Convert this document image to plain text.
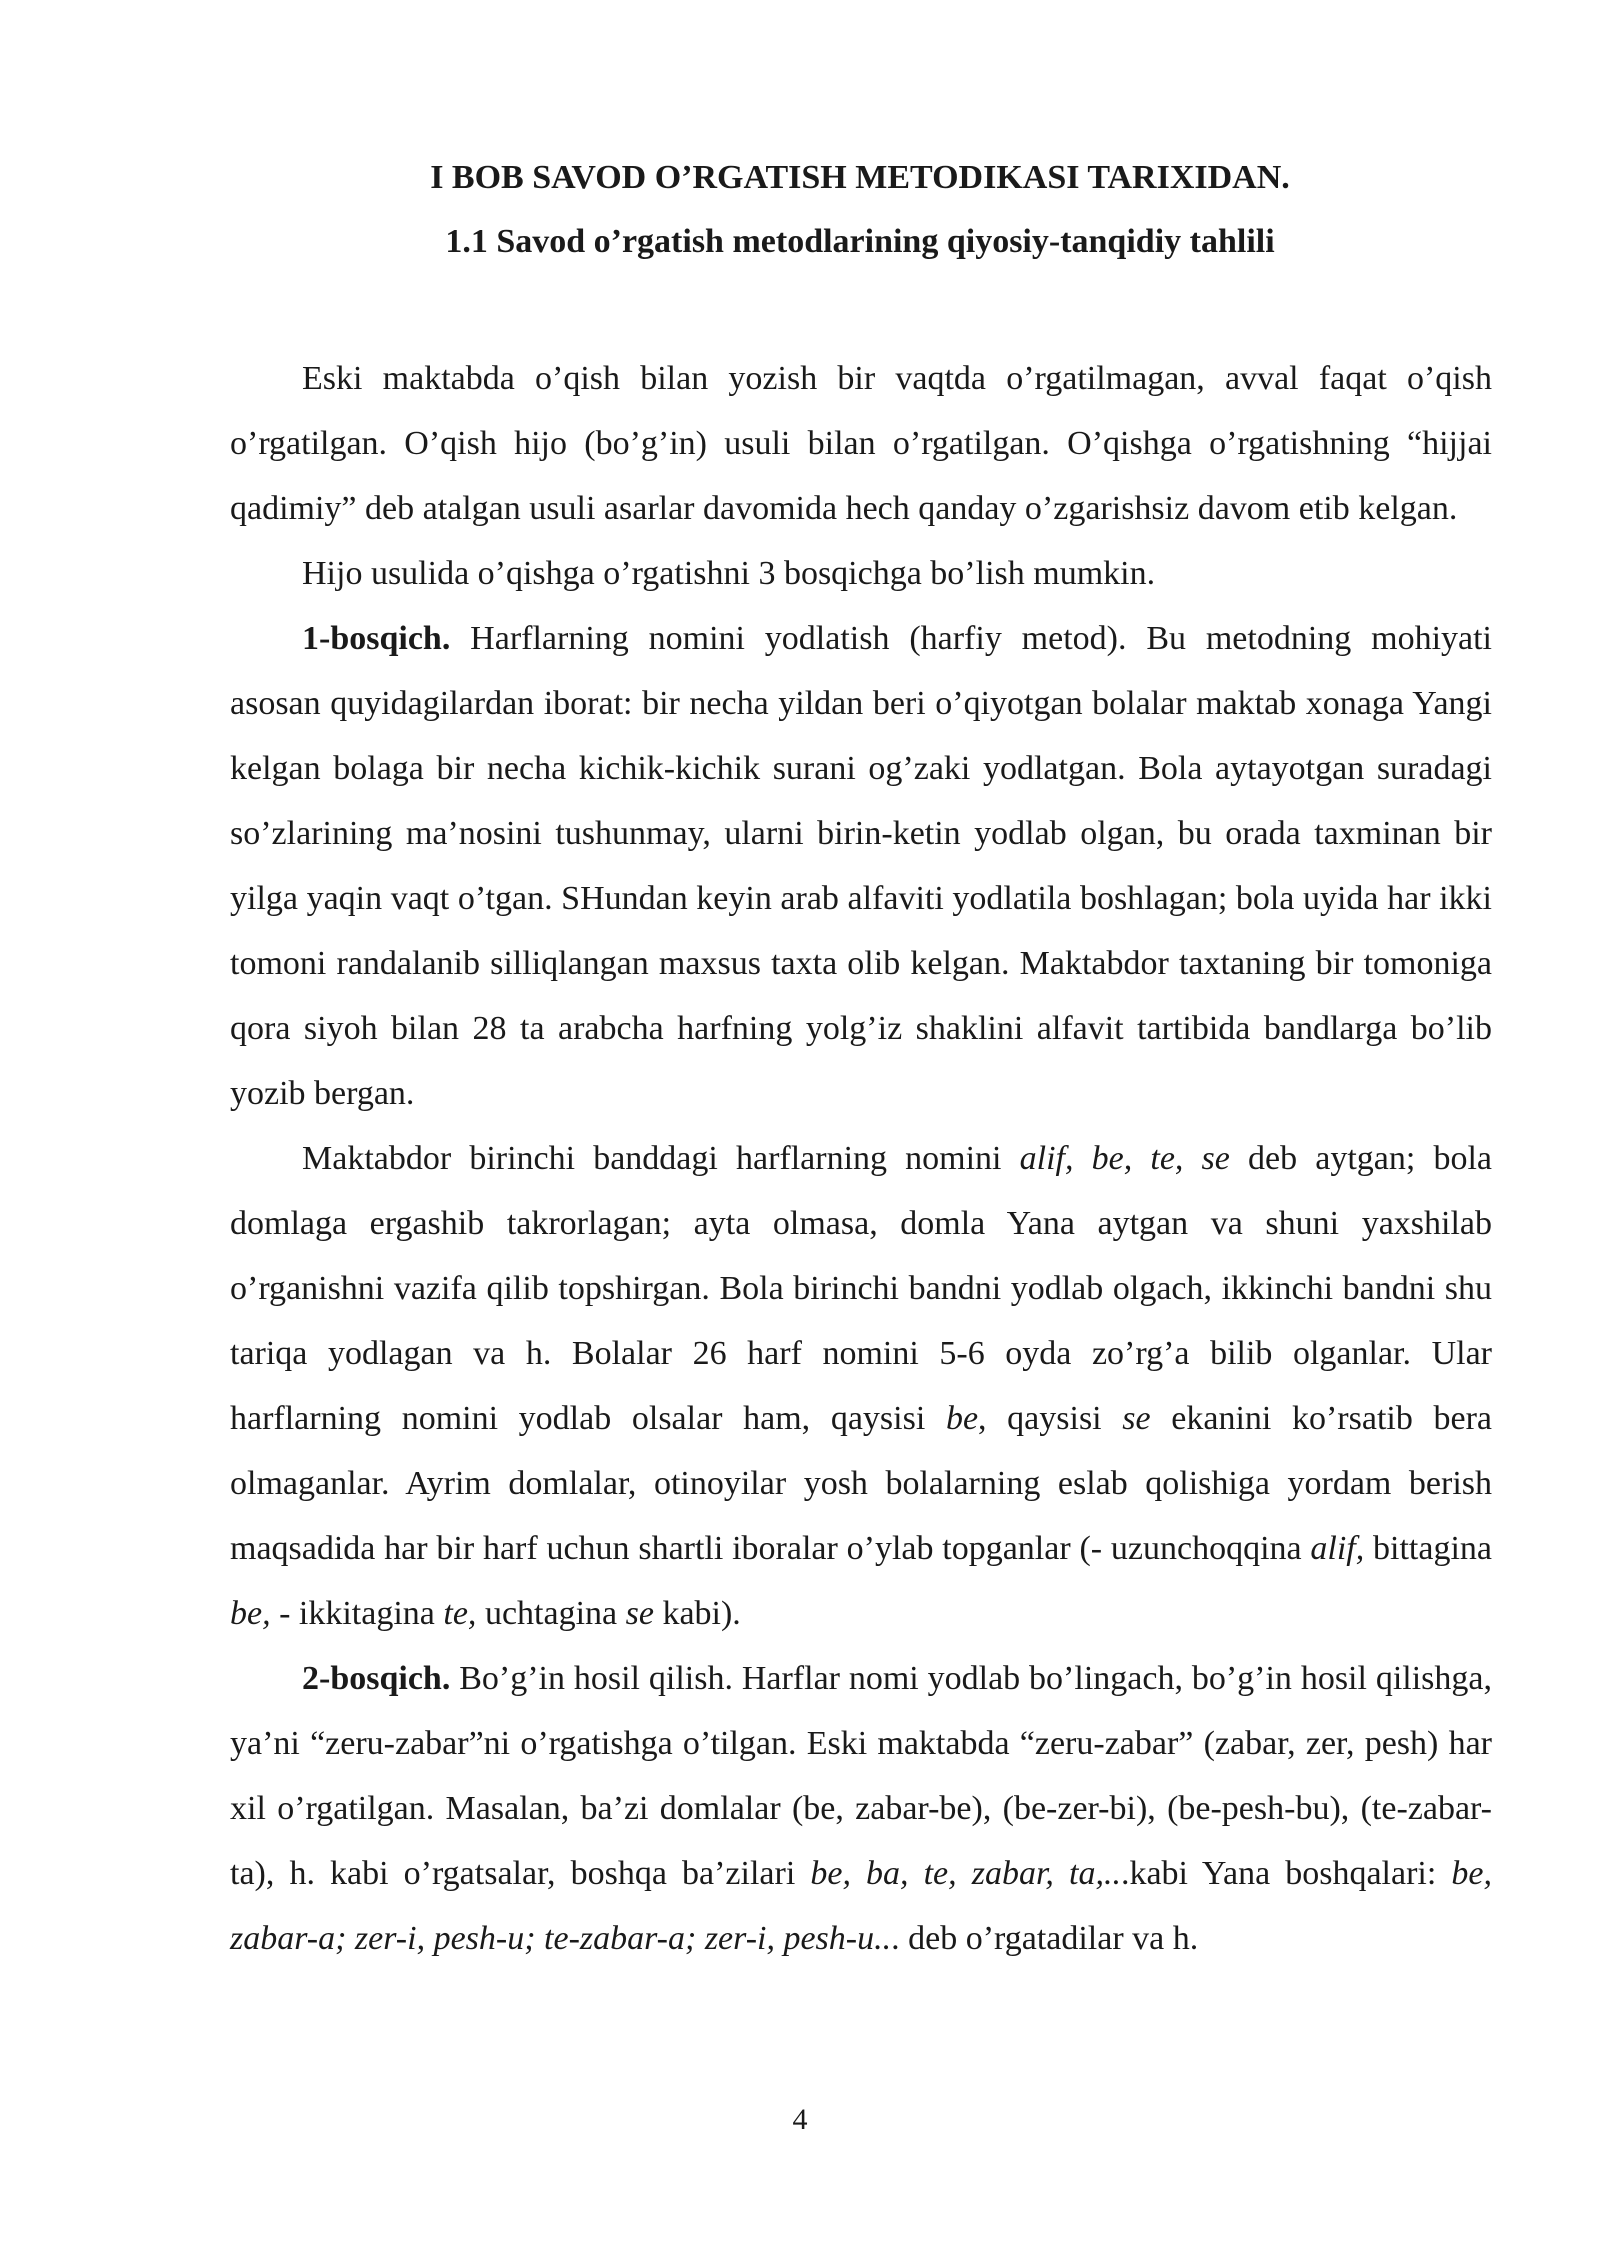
I BOB SAVOD O’RGATISH METODIKASI TARIXIDAN.
1.1 Savod o’rgatish metodlarining qiyosiy-tanqidiy tahlili

Eski maktabda o’qish bilan yozish bir vaqtda o’rgatilmagan, avval faqat o’qish o’rgatilgan. O’qish hijo (bo’g’in) usuli bilan o’rgatilgan. O’qishga o’rgatishning “hijjai qadimiy” deb atalgan usuli asarlar davomida hech qanday o’zgarishsiz davom etib kelgan.

Hijo usulida o’qishga o’rgatishni 3 bosqichga bo’lish mumkin.

1-bosqich. Harflarning nomini yodlatish (harfiy metod). Bu metodning mohiyati asosan quyidagilardan iborat: bir necha yildan beri o’qiyotgan bolalar maktab xonaga Yangi kelgan bolaga bir necha kichik-kichik surani og’zaki yodlatgan. Bola aytayotgan suradagi so’zlarining ma’nosini tushunmay, ularni birin-ketin yodlab olgan, bu orada taxminan bir yilga yaqin vaqt o’tgan. SHundan keyin arab alfaviti yodlatila boshlagan; bola uyida har ikki tomoni randalanib silliqlangan maxsus taxta olib kelgan. Maktabdor taxtaning bir tomoniga qora siyoh bilan 28 ta arabcha harfning yolg’iz shaklini alfavit tartibida bandlarga bo’lib yozib bergan.

Maktabdor birinchi banddagi harflarning nomini alif, be, te, se deb aytgan; bola domlaga ergashib takrorlagan; ayta olmasa, domla Yana aytgan va shuni yaxshilab o’rganishni vazifa qilib topshirgan. Bola birinchi bandni yodlab olgach, ikkinchi bandni shu tariqa yodlagan va h. Bolalar 26 harf nomini 5-6 oyda zo’rg’a bilib olganlar. Ular harflarning nomini yodlab olsalar ham, qaysisi be, qaysisi se ekanini ko’rsatib bera olmaganlar. Ayrim domlalar, otinoyilar yosh bolalarning eslab qolishiga yordam berish maqsadida har bir harf uchun shartli iboralar o’ylab topganlar (- uzunchoqqina alif, bittagina be, - ikkitagina te, uchtagina se kabi).

2-bosqich. Bo’g’in hosil qilish. Harflar nomi yodlab bo’lingach, bo’g’in hosil qilishga, ya’ni “zeru-zabar”ni o’rgatishga o’tilgan. Eski maktabda “zeru-zabar” (zabar, zer, pesh) har xil o’rgatilgan. Masalan, ba’zi domlalar (be, zabar-be), (be-zer-bi), (be-pesh-bu), (te-zabar-ta), h. kabi o’rgatsalar, boshqa ba’zilari be, ba, te, zabar, ta,...kabi Yana boshqalari: be, zabar-a; zer-i, pesh-u; te-zabar-a; zer-i, pesh-u... deb o’rgatadilar va h.

4
